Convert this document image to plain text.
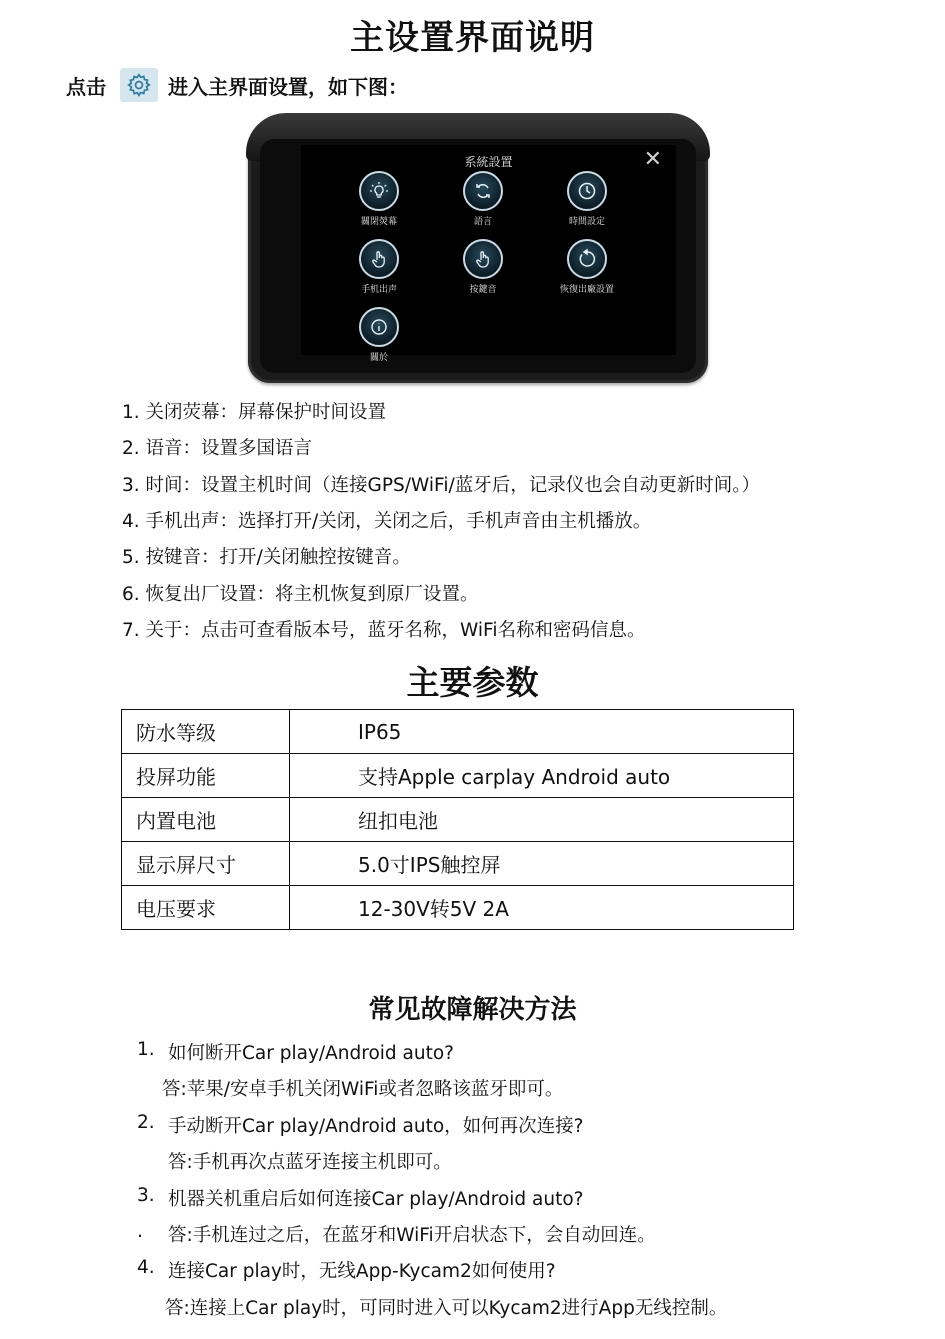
主设置界面说明
点击	进入主界面设置，如下图：
系統設置	✕
關閉熒幕	語言	時間設定
手机出声	按鍵音	恢復出廠設置
關於
1. 关闭荧幕：屏幕保护时间设置
2. 语音：设置多国语言
3. 时间：设置主机时间（连接GPS/WiFi/蓝牙后，记录仪也会自动更新时间。）
4. 手机出声：选择打开/关闭，关闭之后，手机声音由主机播放。
5. 按键音：打开/关闭触控按键音。
6. 恢复出厂设置：将主机恢复到原厂设置。
7. 关于：点击可查看版本号，蓝牙名称，WiFi名称和密码信息。
主要参数
防水等级	IP65
投屏功能	支持Apple carplay Android auto
内置电池	纽扣电池
显示屏尺寸	5.0寸IPS触控屏
电压要求	12-30V转5V 2A
常见故障解决方法
1. 如何断开Car play/Android auto?
答:苹果/安卓手机关闭WiFi或者忽略该蓝牙即可。
2. 手动断开Car play/Android auto，如何再次连接?
答:手机再次点蓝牙连接主机即可。
3. 机器关机重启后如何连接Car play/Android auto?
. 答:手机连过之后，在蓝牙和WiFi开启状态下，会自动回连。
4. 连接Car play时，无线App-Kycam2如何使用?
答:连接上Car play时，可同时进入可以Kycam2进行App无线控制。
